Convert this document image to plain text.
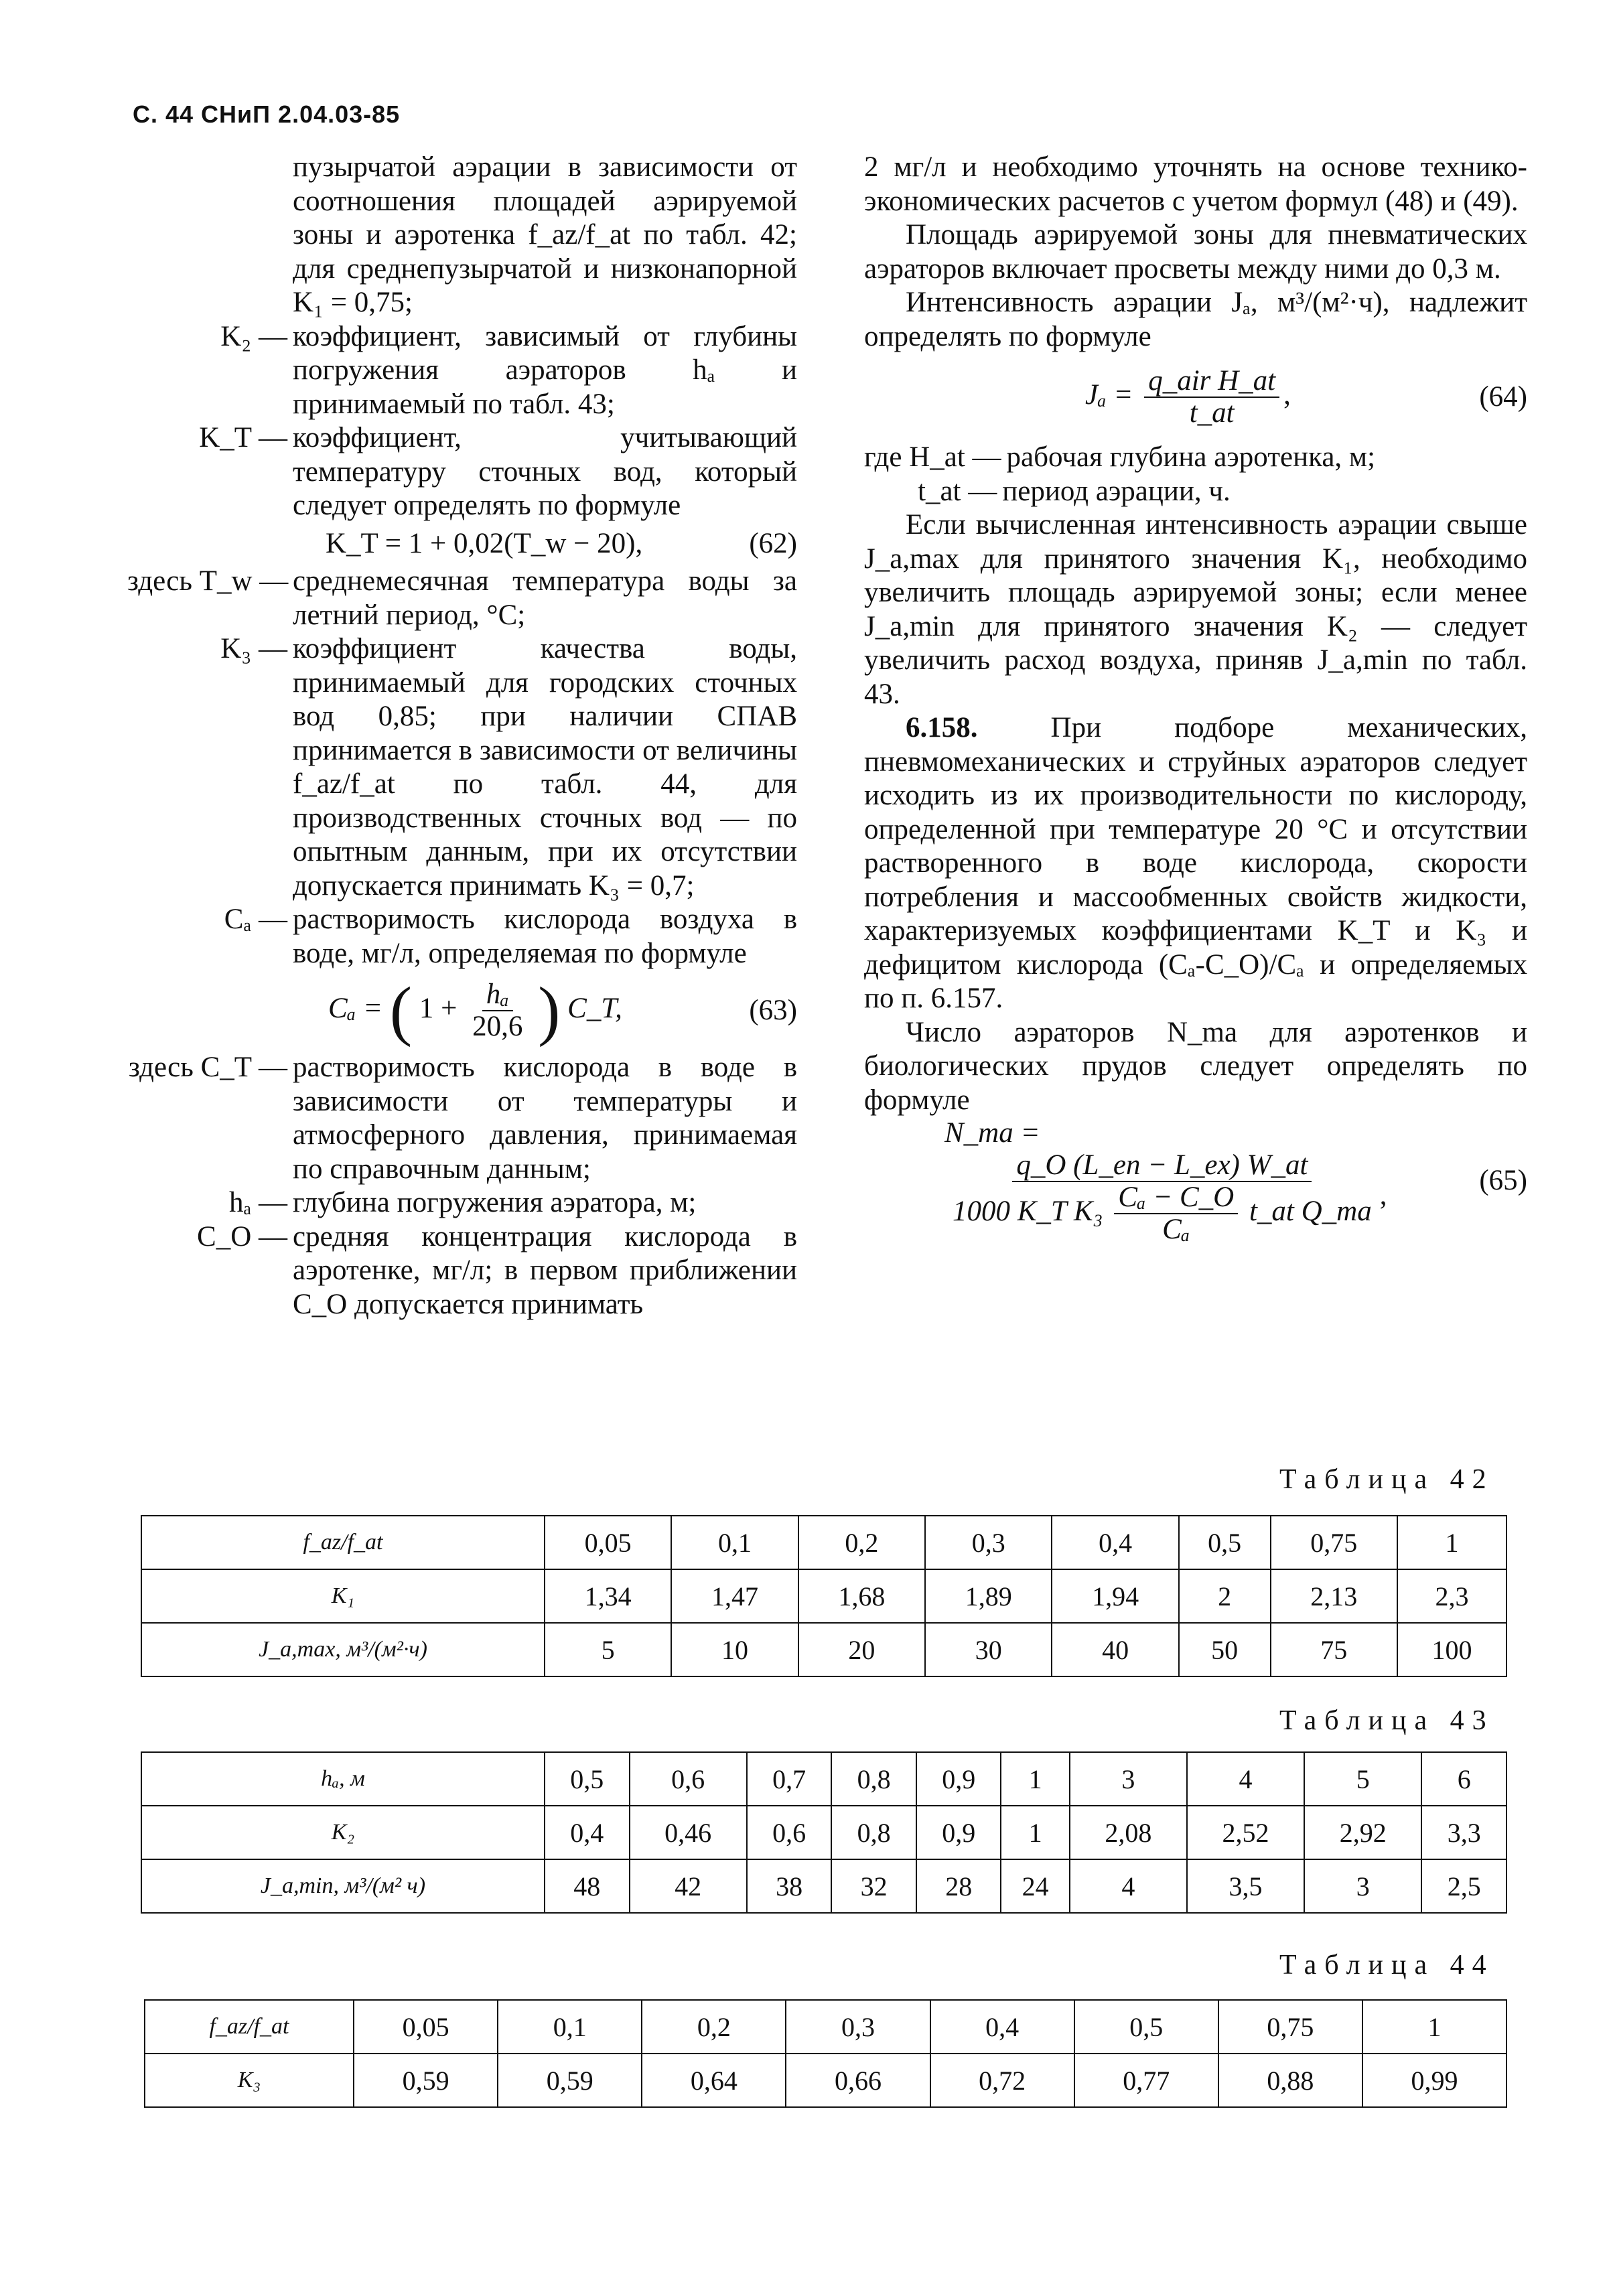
С. 44 СНиП 2.04.03-85

пузырчатой аэрации в зависимости от соотношения площадей аэрируемой зоны и аэротенка f_az/f_at по табл. 42; для среднепузырчатой и низконапорной K₁ = 0,75;

K₂ — коэффициент, зависимый от глубины погружения аэраторов hₐ и принимаемый по табл. 43;
K_T — коэффициент, учитывающий температуру сточных вод, который следует определять по формуле
K_T = 1 + 0,02(T_w − 20),	(62)
здесь T_w — среднемесячная температура воды за летний период, °С;
K₃ — коэффициент качества воды, принимаемый для городских сточных вод 0,85; при наличии СПАВ принимается в зависимости от величины f_az/f_at по табл. 44, для производственных сточных вод — по опытным данным, при их отсутствии допускается принимать K₃ = 0,7;
Cₐ — растворимость кислорода воздуха в воде, мг/л, определяемая по формуле
Cₐ = ( $1 + \frac{\text{hₐ}}{20,6}$ ) C_T,	(63)
здесь C_T — растворимость кислорода в воде в зависимости от температуры и атмосферного давления, принимаемая по справочным данным;
hₐ — глубина погружения аэратора, м;
C_O — средняя концентрация кислорода в аэротенке, мг/л; в первом приближении C_O допускается принимать

2 мг/л и необходимо уточнять на основе технико-экономических расчетов с учетом формул (48) и (49).

Площадь аэрируемой зоны для пневматических аэраторов включает просветы между ними до 0,3 м.

Интенсивность аэрации Jₐ, м³/(м²·ч), надлежит определять по формуле

$J_a = \frac{\text{q\_air H\_at}}{t\_at}$ ,	(64)
где H_at — рабочая глубина аэротенка, м;
t_at — период аэрации, ч.

Если вычисленная интенсивность аэрации свыше J_a,max для принятого значения K₁, необходимо увеличить площадь аэрируемой зоны; если менее J_a,min для принятого значения K₂ — следует увеличить расход воздуха, приняв J_a,min по табл. 43.

6.158.	При подборе механических, пневмомеханических и струйных аэраторов следует исходить из их производительности по кислороду, определенной при температуре 20 °С и отсутствии растворенного в воде кислорода, скорости потребления и массообменных свойств жидкости, характеризуемых коэффициентами K_T и K₃ и дефицитом кислорода (Cₐ-C_O)/Cₐ и определяемых по п. 6.157.

Число аэраторов N_ma для аэротенков и биологических прудов следует определять по формуле

N_ma =
q_O (L_en − L_ex) W_at
1000 K_T $K_3 \frac{\text{Cₐ − C\_O}}{\text{Cₐ}}$ t_at Q_ma
,	(65)
Таблица 42
f_az/f_at	0,05	0,1	0,2	0,3	0,4	0,5	0,75	1
K₁	1,34	1,47	1,68	1,89	1,94	2	2,13	2,3
J_a,max, м³/(м²·ч)	5	10	20	30	40	50	75	100
Таблица 43
hₐ, м	0,5	0,6	0,7	0,8	0,9	1	3	4	5	6
K₂	0,4	0,46	0,6	0,8	0,9	1	2,08	2,52	2,92	3,3
J_a,min, м³/(м² ч)	48	42	38	32	28	24	4	3,5	3	2,5
Таблица 44
f_az/f_at	0,05	0,1	0,2	0,3	0,4	0,5	0,75	1
K₃	0,59	0,59	0,64	0,66	0,72	0,77	0,88	0,99
